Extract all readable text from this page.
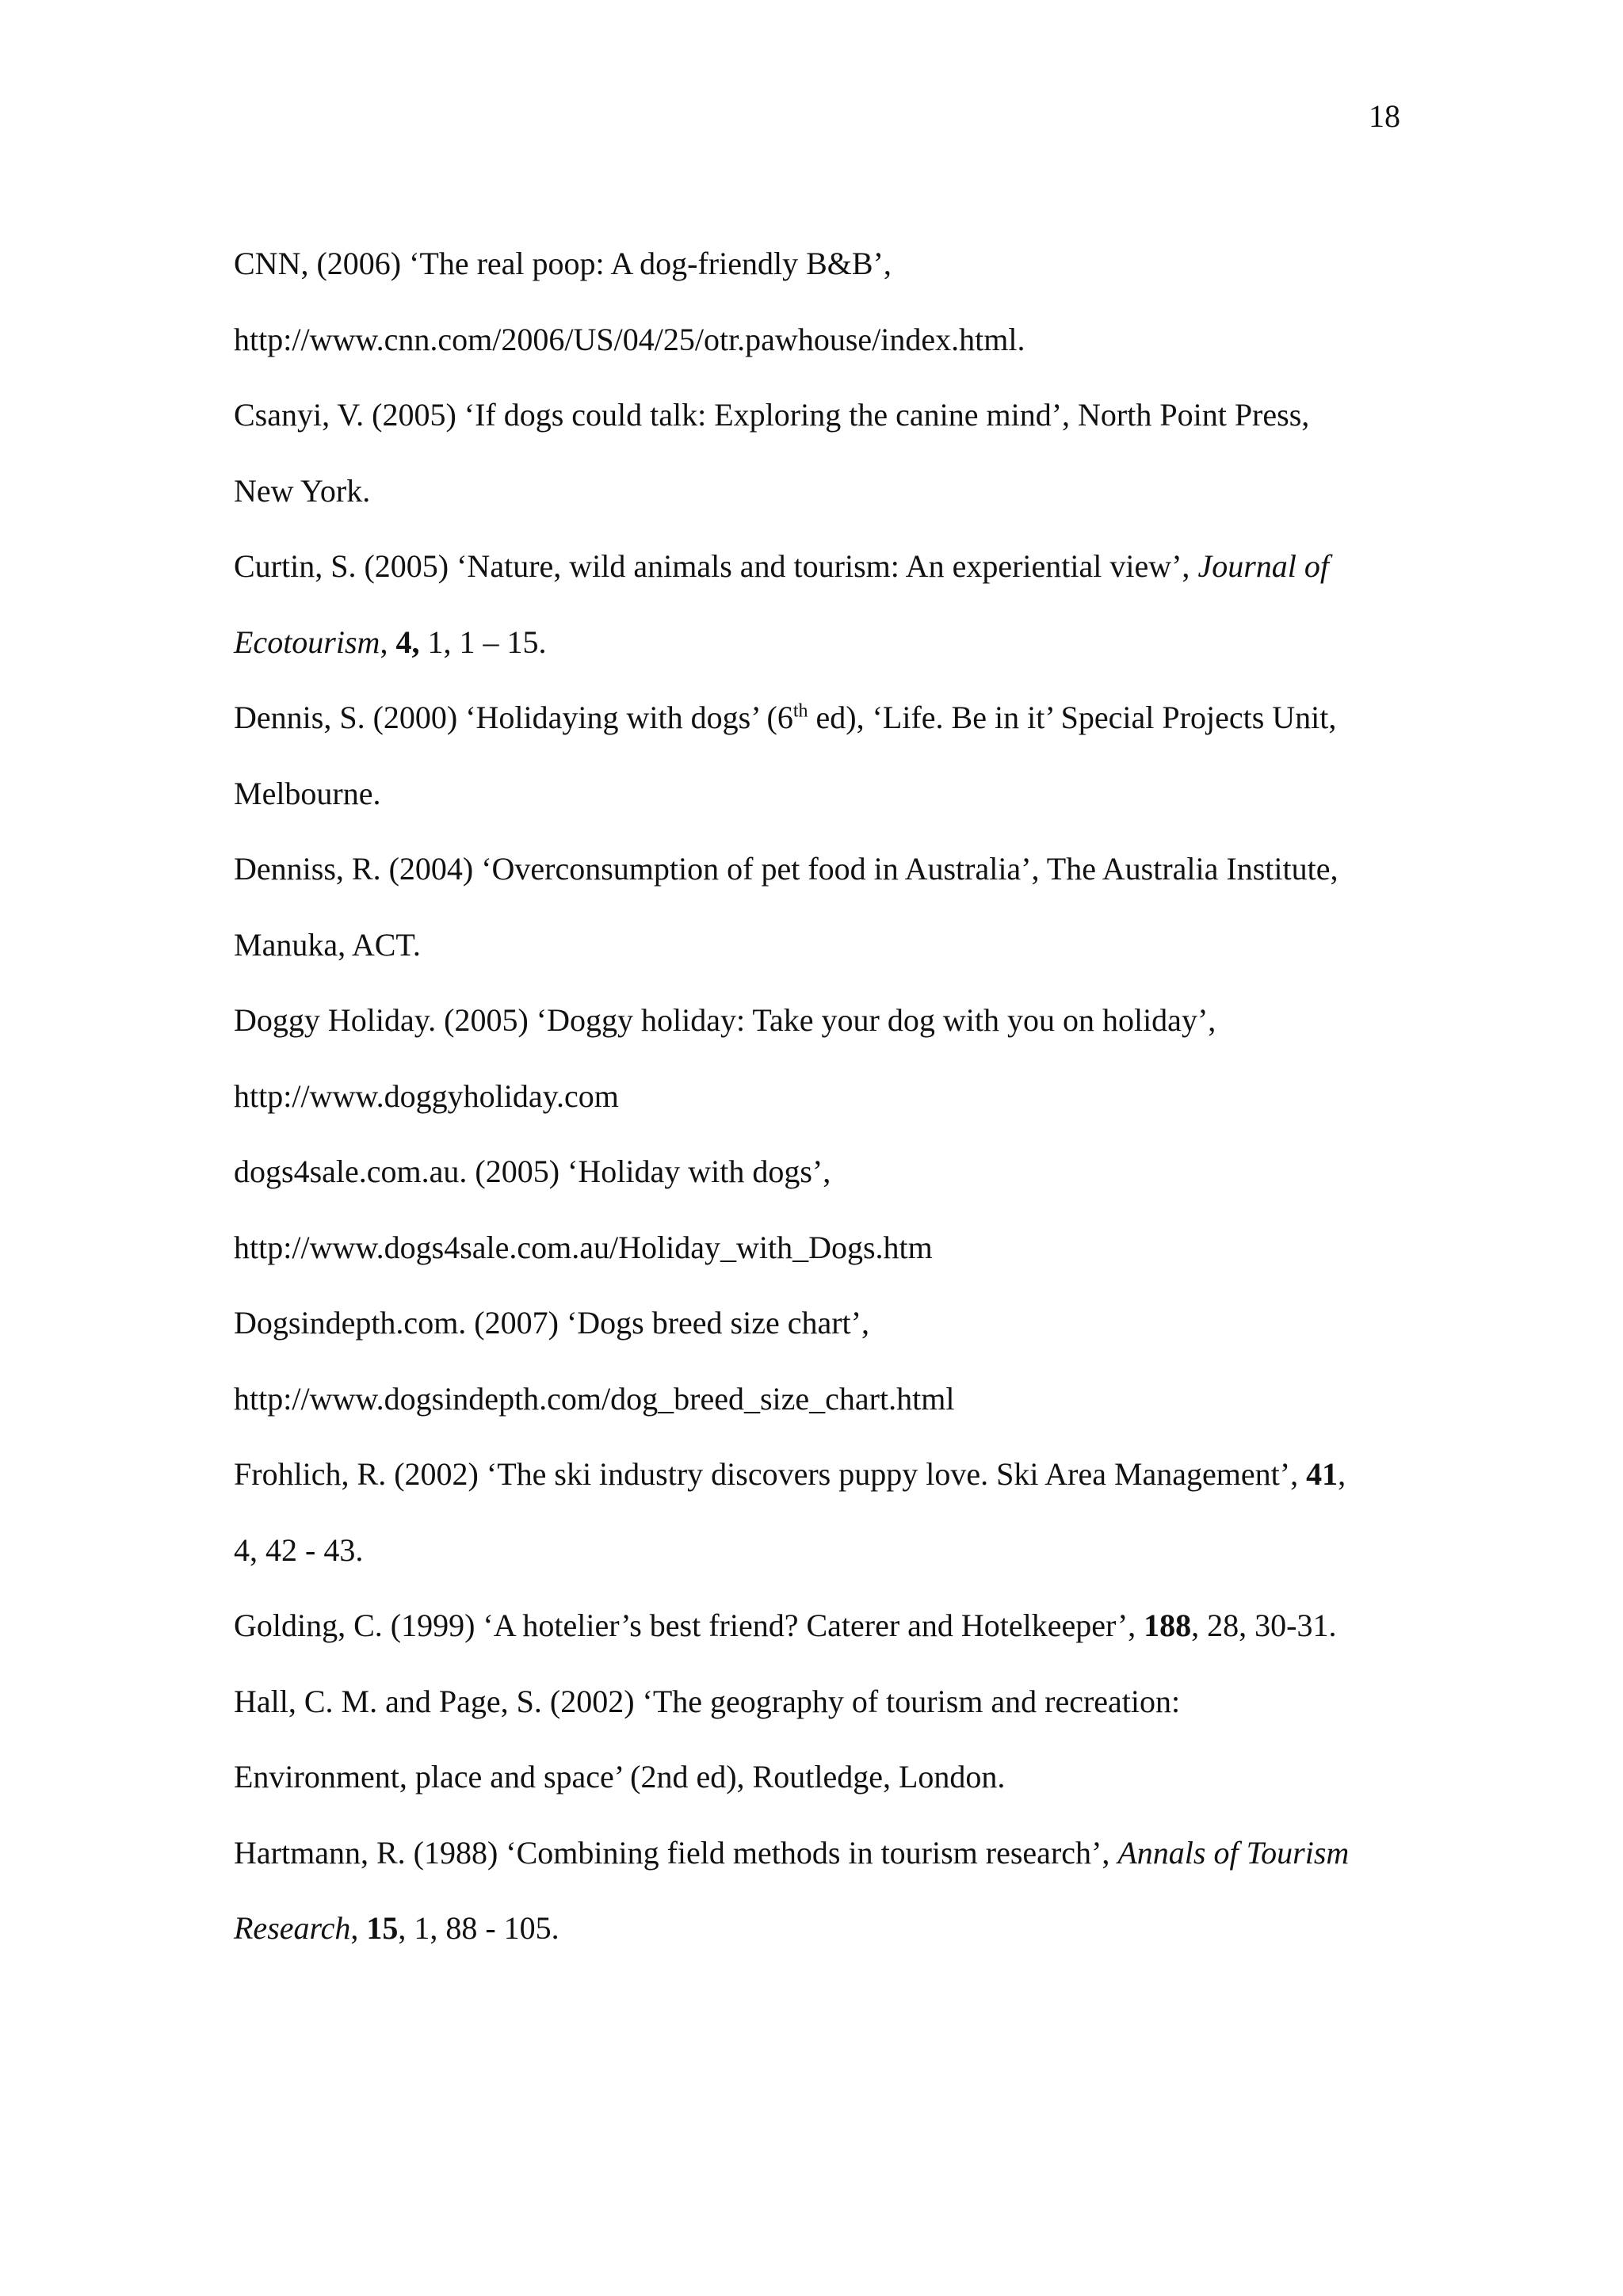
18
CNN, (2006) ‘The real poop: A dog-friendly B&B’,
http://www.cnn.com/2006/US/04/25/otr.pawhouse/index.html.
Csanyi, V. (2005) ‘If dogs could talk: Exploring the canine mind’, North Point Press,
New York.
Curtin, S. (2005) ‘Nature, wild animals and tourism: An experiential view’, Journal of
Ecotourism, 4, 1, 1 – 15.
Dennis, S. (2000) ‘Holidaying with dogs’ (6th ed), ‘Life. Be in it’ Special Projects Unit,
Melbourne.
Denniss, R. (2004) ‘Overconsumption of pet food in Australia’, The Australia Institute,
Manuka, ACT.
Doggy Holiday. (2005) ‘Doggy holiday: Take your dog with you on holiday’,
http://www.doggyholiday.com
dogs4sale.com.au. (2005) ‘Holiday with dogs’,
http://www.dogs4sale.com.au/Holiday_with_Dogs.htm
Dogsindepth.com. (2007) ‘Dogs breed size chart’,
http://www.dogsindepth.com/dog_breed_size_chart.html
Frohlich, R. (2002) ‘The ski industry discovers puppy love. Ski Area Management’, 41,
4, 42 - 43.
Golding, C. (1999) ‘A hotelier’s best friend? Caterer and Hotelkeeper’, 188, 28, 30-31.
Hall, C. M. and Page, S. (2002) ‘The geography of tourism and recreation:
Environment, place and space’ (2nd ed), Routledge, London.
Hartmann, R. (1988) ‘Combining field methods in tourism research’, Annals of Tourism
Research, 15, 1, 88 - 105.
